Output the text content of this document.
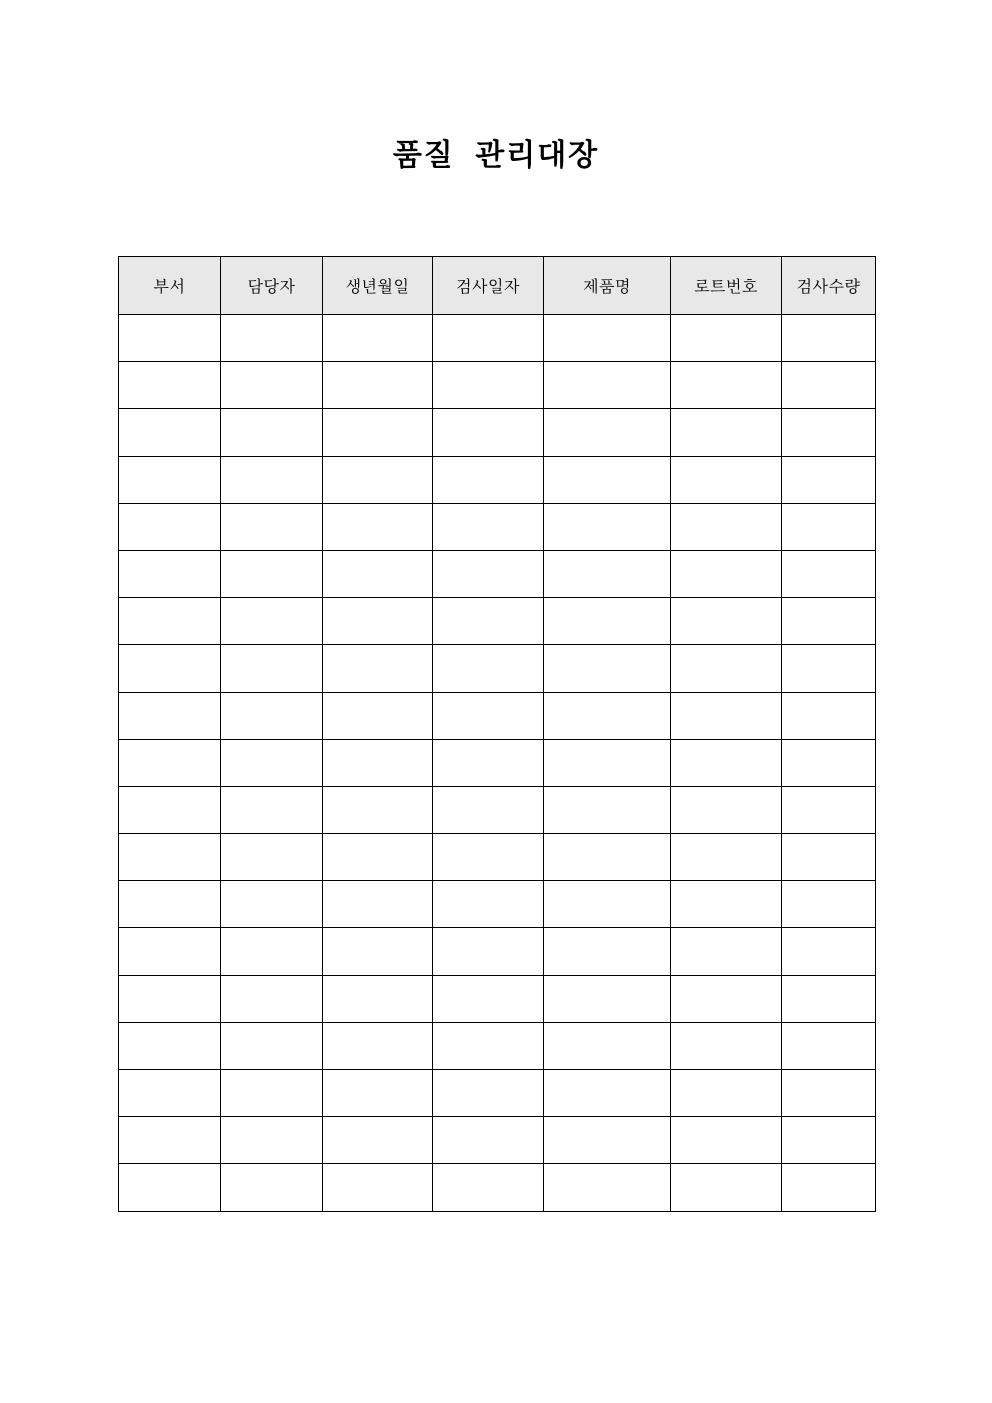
품질 관리대장
부서	담당자	생년월일	검사일자	제품명	로트번호	검사수량
